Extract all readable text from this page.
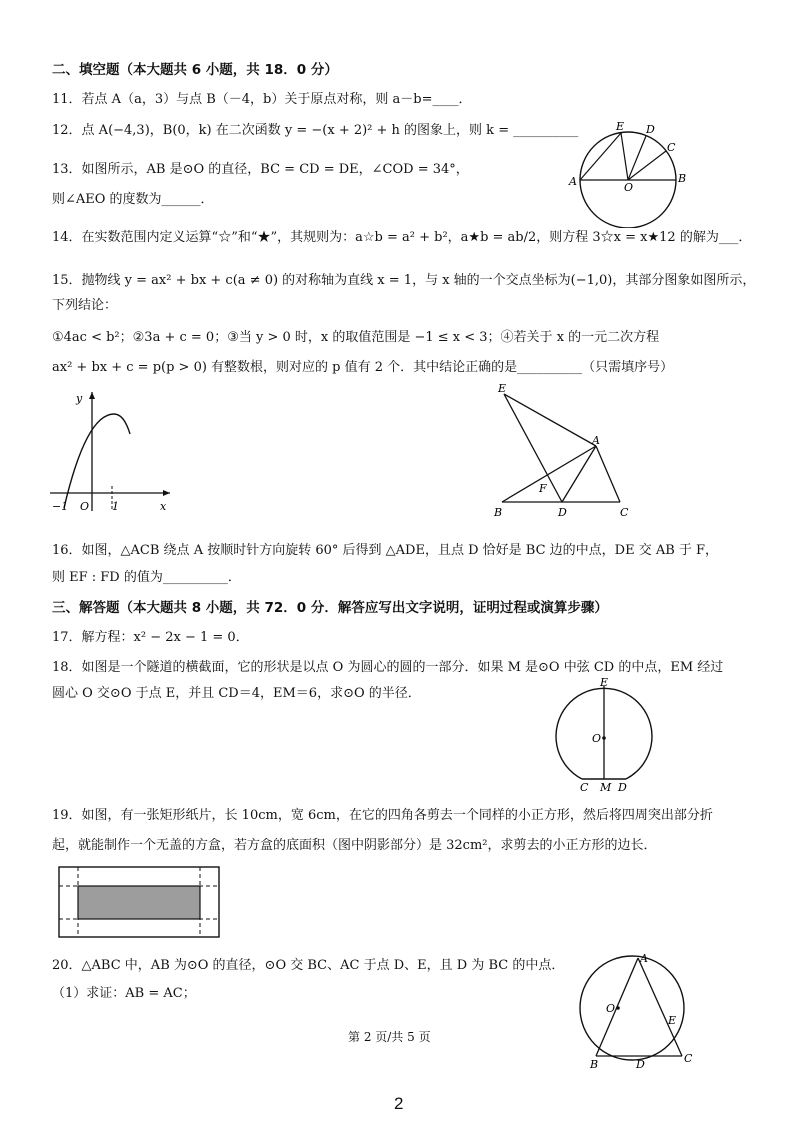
二、填空题（本大题共 6 小题，共 18．0 分）
11．若点 A（a，3）与点 B（－4，b）关于原点对称，则 a－b=____．
12．点 A(−4,3)，B(0，k) 在二次函数 y = −(x + 2)² + h 的图象上，则 k = __________
13．如图所示，AB 是⊙O 的直径，BC = CD = DE，∠COD = 34°，
则∠AEO 的度数为______．
14．在实数范围内定义运算“☆”和“★”，其规则为：a☆b = a² + b²，a★b = ab/2，则方程 3☆x = x★12 的解为___．
15．抛物线 y = ax² + bx + c(a ≠ 0) 的对称轴为直线 x = 1，与 x 轴的一个交点坐标为(−1,0)，其部分图象如图所示，
下列结论：
①4ac < b²；②3a + c = 0；③当 y > 0 时，x 的取值范围是 −1 ≤ x < 3；④若关于 x 的一元二次方程
ax² + bx + c = p(p > 0) 有整数根，则对应的 p 值有 2 个．其中结论正确的是__________（只需填序号）
E D
C
A	O
B
y
x
−1 O 1
E
A
F
B	D	C
16．如图，△ACB 绕点 A 按顺时针方向旋转 60° 后得到 △ADE，且点 D 恰好是 BC 边的中点，DE 交 AB 于 F，
则 EF : FD 的值为__________．
三、解答题（本大题共 8 小题，共 72．0 分．解答应写出文字说明，证明过程或演算步骤）
17．解方程：x² − 2x − 1 = 0．
18．如图是一个隧道的横截面，它的形状是以点 O 为圆心的圆的一部分．如果 M 是⊙O 中弦 CD 的中点，EM 经过
圆心 O 交⊙O 于点 E，并且 CD＝4，EM＝6，求⊙O 的半径．
E
O
C M D
19．如图，有一张矩形纸片，长 10cm，宽 6cm，在它的四角各剪去一个同样的小正方形，然后将四周突出部分折
起，就能制作一个无盖的方盒，若方盒的底面积（图中阴影部分）是 32cm²，求剪去的小正方形的边长．
20．△ABC 中，AB 为⊙O 的直径，⊙O 交 BC、AC 于点 D、E，且 D 为 BC 的中点．
（1）求证：AB = AC；
A
O
E
B	D	C
第 2 页/共 5 页
2
